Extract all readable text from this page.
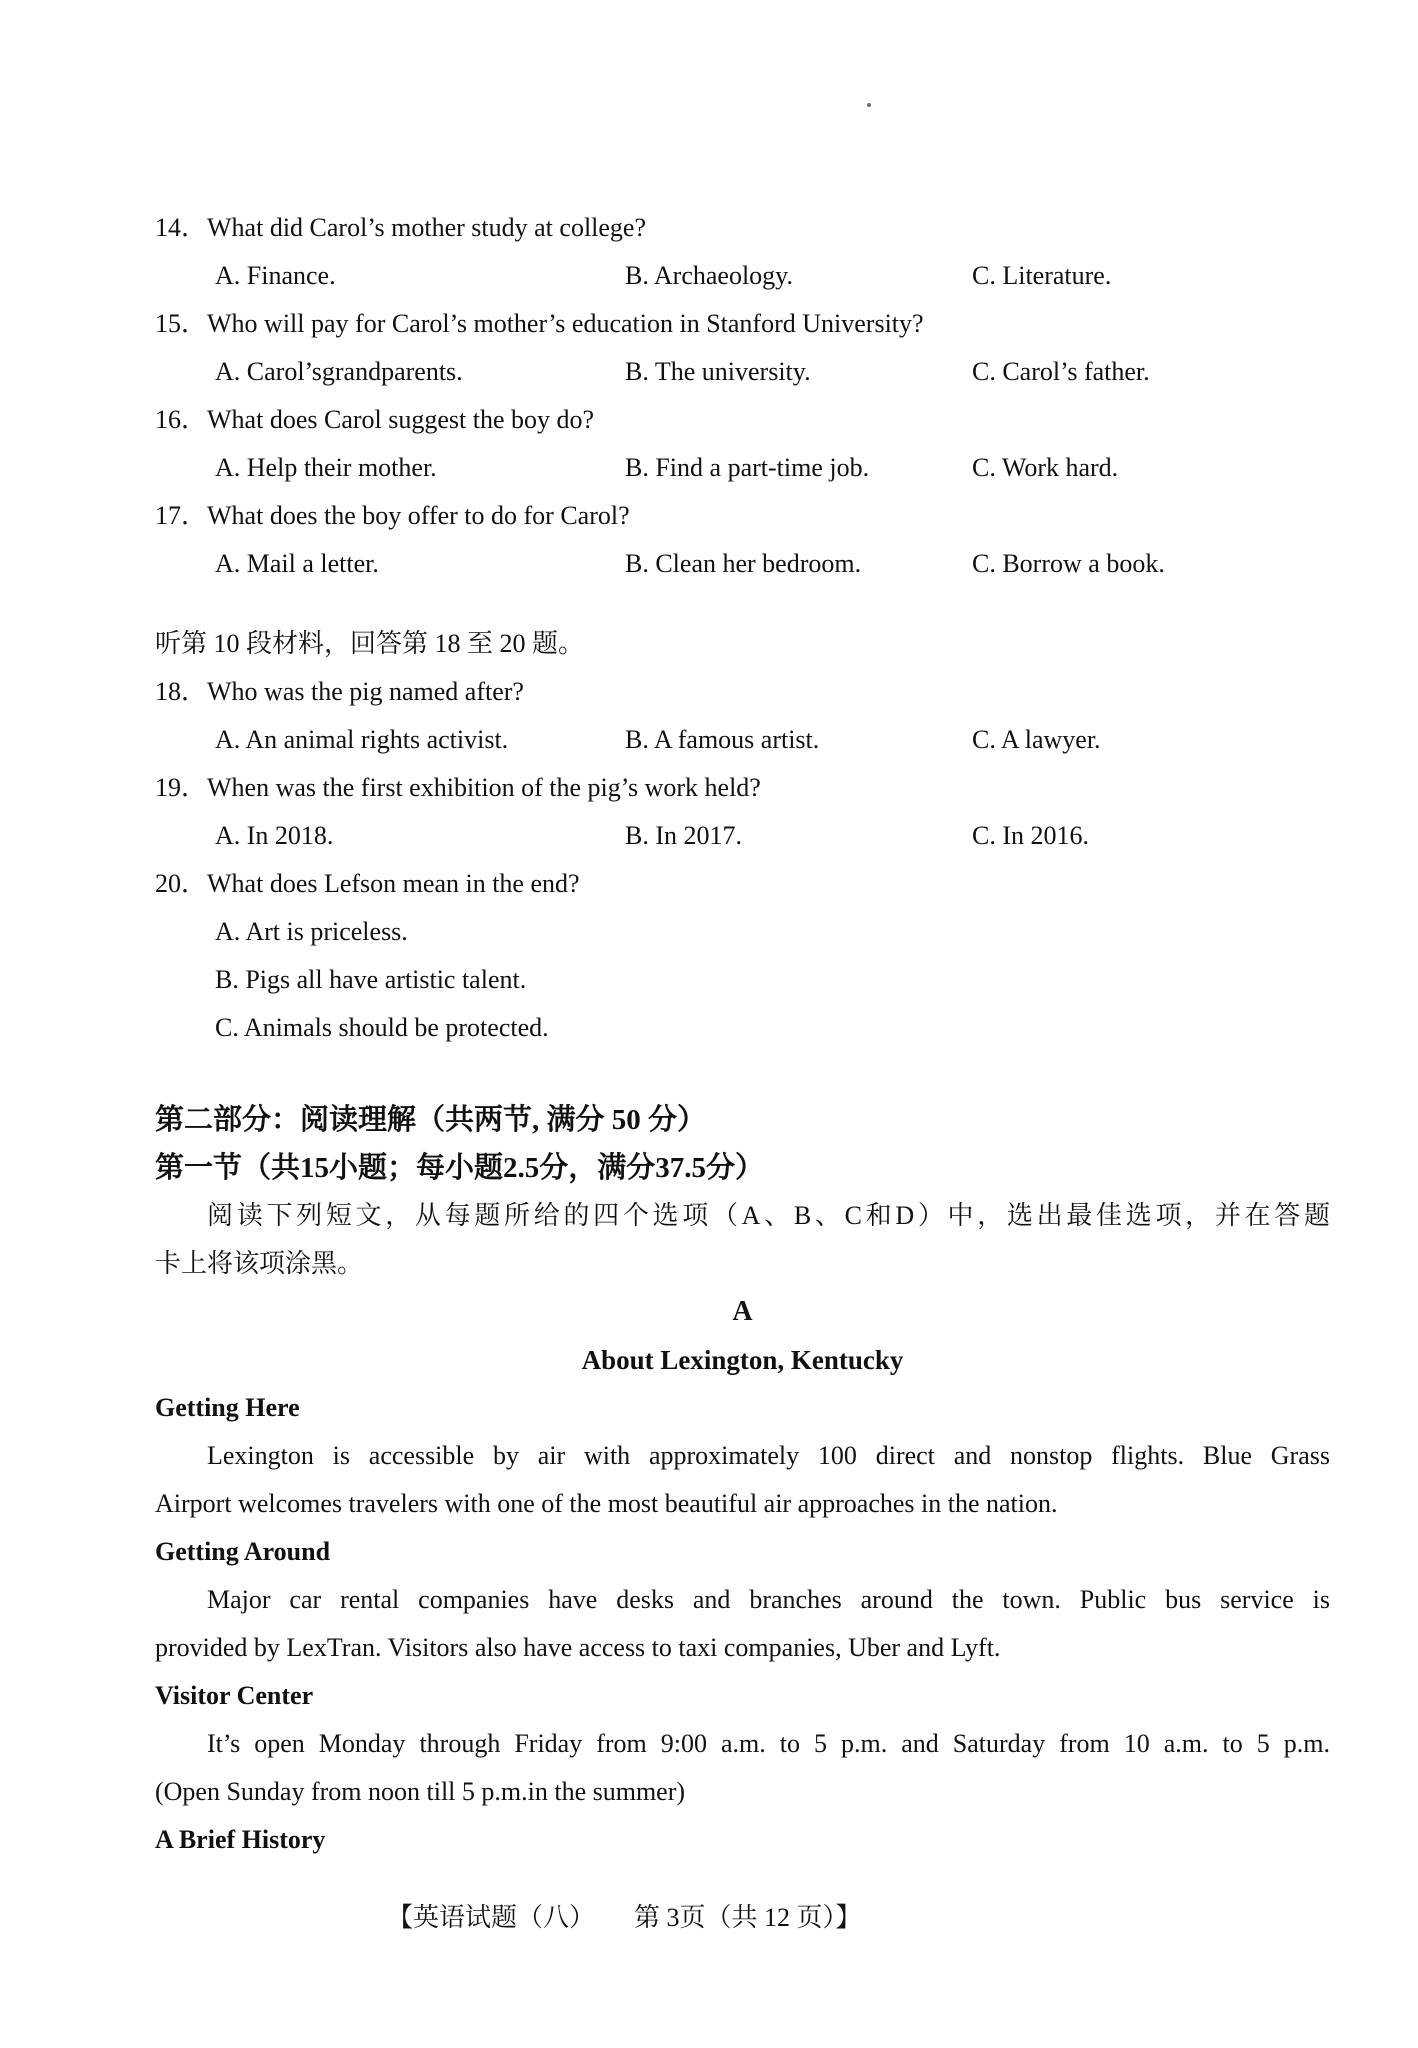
14．What did Carol’s mother study at college?
A. Finance.	B. Archaeology.	C. Literature.
15．Who will pay for Carol’s mother’s education in Stanford University?
A. Carol’sgrandparents.	B. The university.	C. Carol’s father.
16．What does Carol suggest the boy do?
A. Help their mother.	B. Find a part-time job.	C. Work hard.
17．What does the boy offer to do for Carol?
A. Mail a letter.	B. Clean her bedroom.	C. Borrow a book.
听第 10 段材料，回答第 18 至 20 题。
18．Who was the pig named after?
A. An animal rights activist.	B. A famous artist.	C. A lawyer.
19．When was the first exhibition of the pig’s work held?
A. In 2018.	B. In 2017.	C. In 2016.
20．What does Lefson mean in the end?
A. Art is priceless.
B. Pigs all have artistic talent.
C. Animals should be protected.
第二部分：阅读理解（共两节, 满分 50 分）
第一节（共15小题；每小题2.5分，满分37.5分）
阅读下列短文，从每题所给的四个选项（A、B、C和D）中，选出最佳选项，并在答题
卡上将该项涂黑。
A
About Lexington, Kentucky
Getting Here
Lexington is accessible by air with approximately 100 direct and nonstop flights. Blue Grass
Airport welcomes travelers with one of the most beautiful air approaches in the nation.
Getting Around
Major car rental companies have desks and branches around the town. Public bus service is
provided by LexTran. Visitors also have access to taxi companies, Uber and Lyft.
Visitor Center
It’s open Monday through Friday from 9:00 a.m. to 5 p.m. and Saturday from 10 a.m. to 5 p.m.
(Open Sunday from noon till 5 p.m.in the summer)
A Brief History
【英语试题（八）　　第 3页（共 12 页）】
